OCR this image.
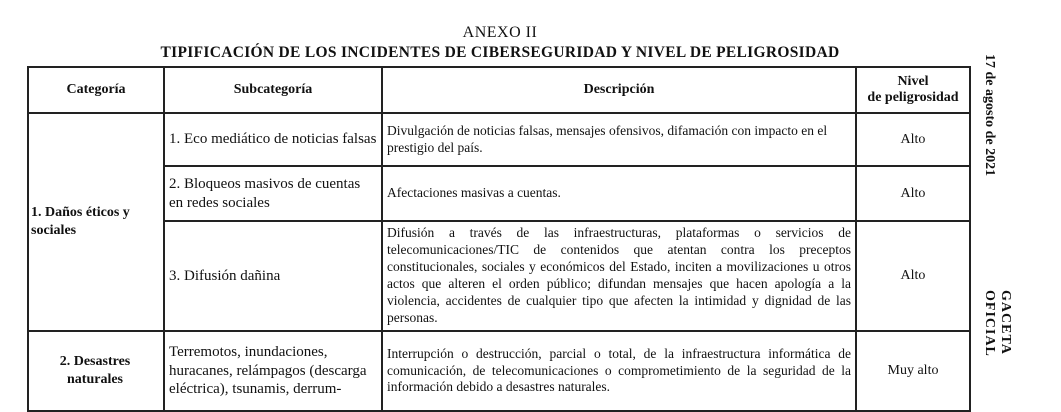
ANEXO II
TIPIFICACIÓN DE LOS INCIDENTES DE CIBERSEGURIDAD Y NIVEL DE PELIGROSIDAD
17 de agosto de 2021
GACETA OFICIAL
Categoría	Subcategoría	Descripción	Nivel
de peligrosidad

1. Daños éticos y sociales	1. Eco mediático de noticias falsas	Divulgación de noticias falsas, mensajes ofensivos, difamación con impacto en el prestigio del país.	Alto
	2. Bloqueos masivos de cuentas en redes sociales	Afectaciones masivas a cuentas.	Alto
	3. Difusión dañina	Difusión a través de las infraestructuras, plataformas o servicios de telecomunicaciones/TIC de contenidos que atentan contra los preceptos constitucionales, sociales y económicos del Estado, inciten a movilizaciones u otros actos que alteren el orden público; difundan mensajes que hacen apología a la violencia, accidentes de cualquier tipo que afecten la intimidad y dignidad de las personas.	Alto
2. Desastres naturales	Terremotos, inundaciones, huracanes, relámpagos (descarga eléctrica), tsunamis, derrum-	Interrupción o destrucción, parcial o total, de la infraestructura informática de comunicación, de telecomunicaciones o comprometimiento de la seguridad de la información debido a desastres naturales.	Muy alto
